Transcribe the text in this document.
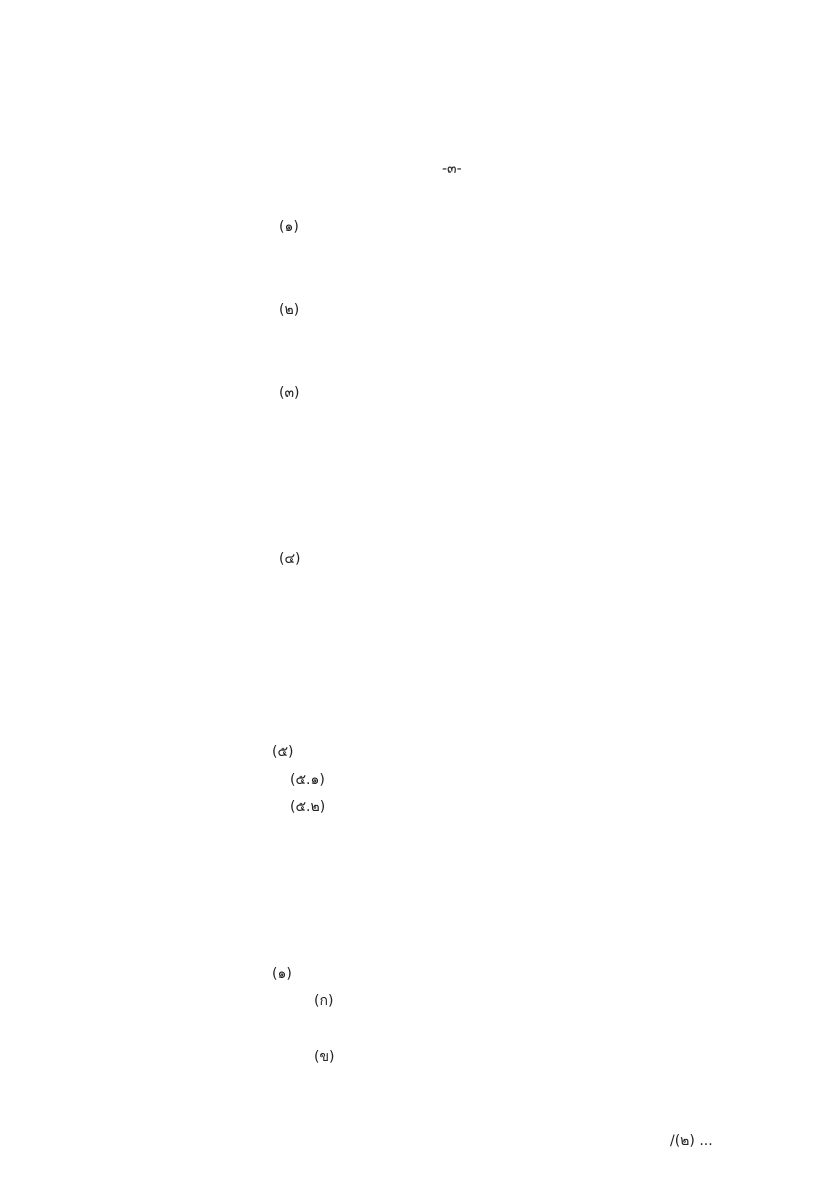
-๓-
(๑)
(๒)
(๓)
(๔)
(๕)
(๕.๑)
(๕.๒)
(๑)
(ก)
(ข)
/(๒) ...
